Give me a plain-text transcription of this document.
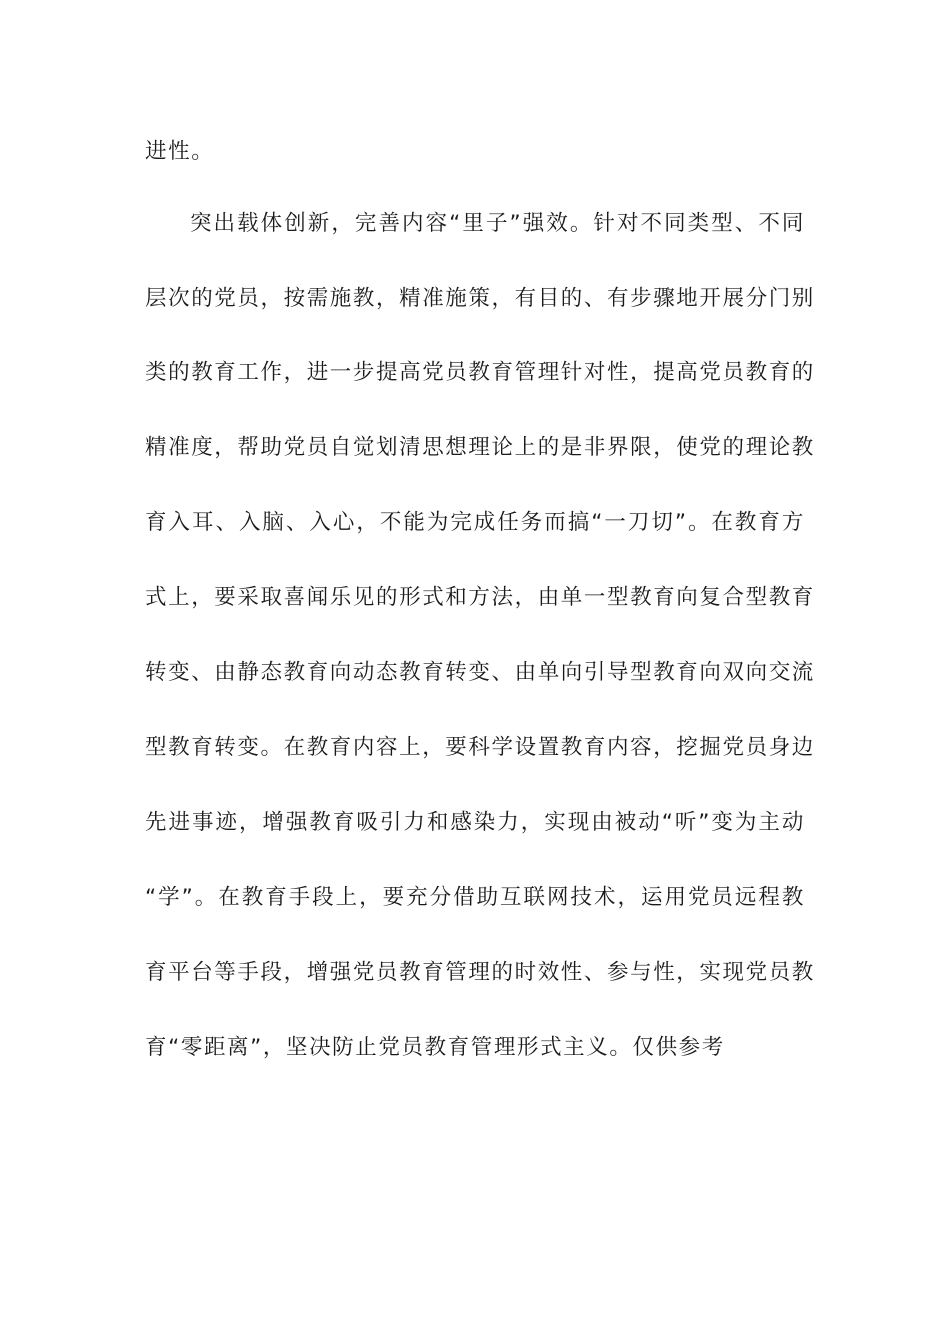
进性。
突出载体创新，完善内容“里子”强效。针对不同类型、不同
层次的党员，按需施教，精准施策，有目的、有步骤地开展分门别
类的教育工作，进一步提高党员教育管理针对性，提高党员教育的
精准度，帮助党员自觉划清思想理论上的是非界限，使党的理论教
育入耳、入脑、入心，不能为完成任务而搞“一刀切”。在教育方
式上，要采取喜闻乐见的形式和方法，由单一型教育向复合型教育
转变、由静态教育向动态教育转变、由单向引导型教育向双向交流
型教育转变。在教育内容上，要科学设置教育内容，挖掘党员身边
先进事迹，增强教育吸引力和感染力，实现由被动“听”变为主动
“学”。在教育手段上，要充分借助互联网技术，运用党员远程教
育平台等手段，增强党员教育管理的时效性、参与性，实现党员教
育“零距离”，坚决防止党员教育管理形式主义。仅供参考
